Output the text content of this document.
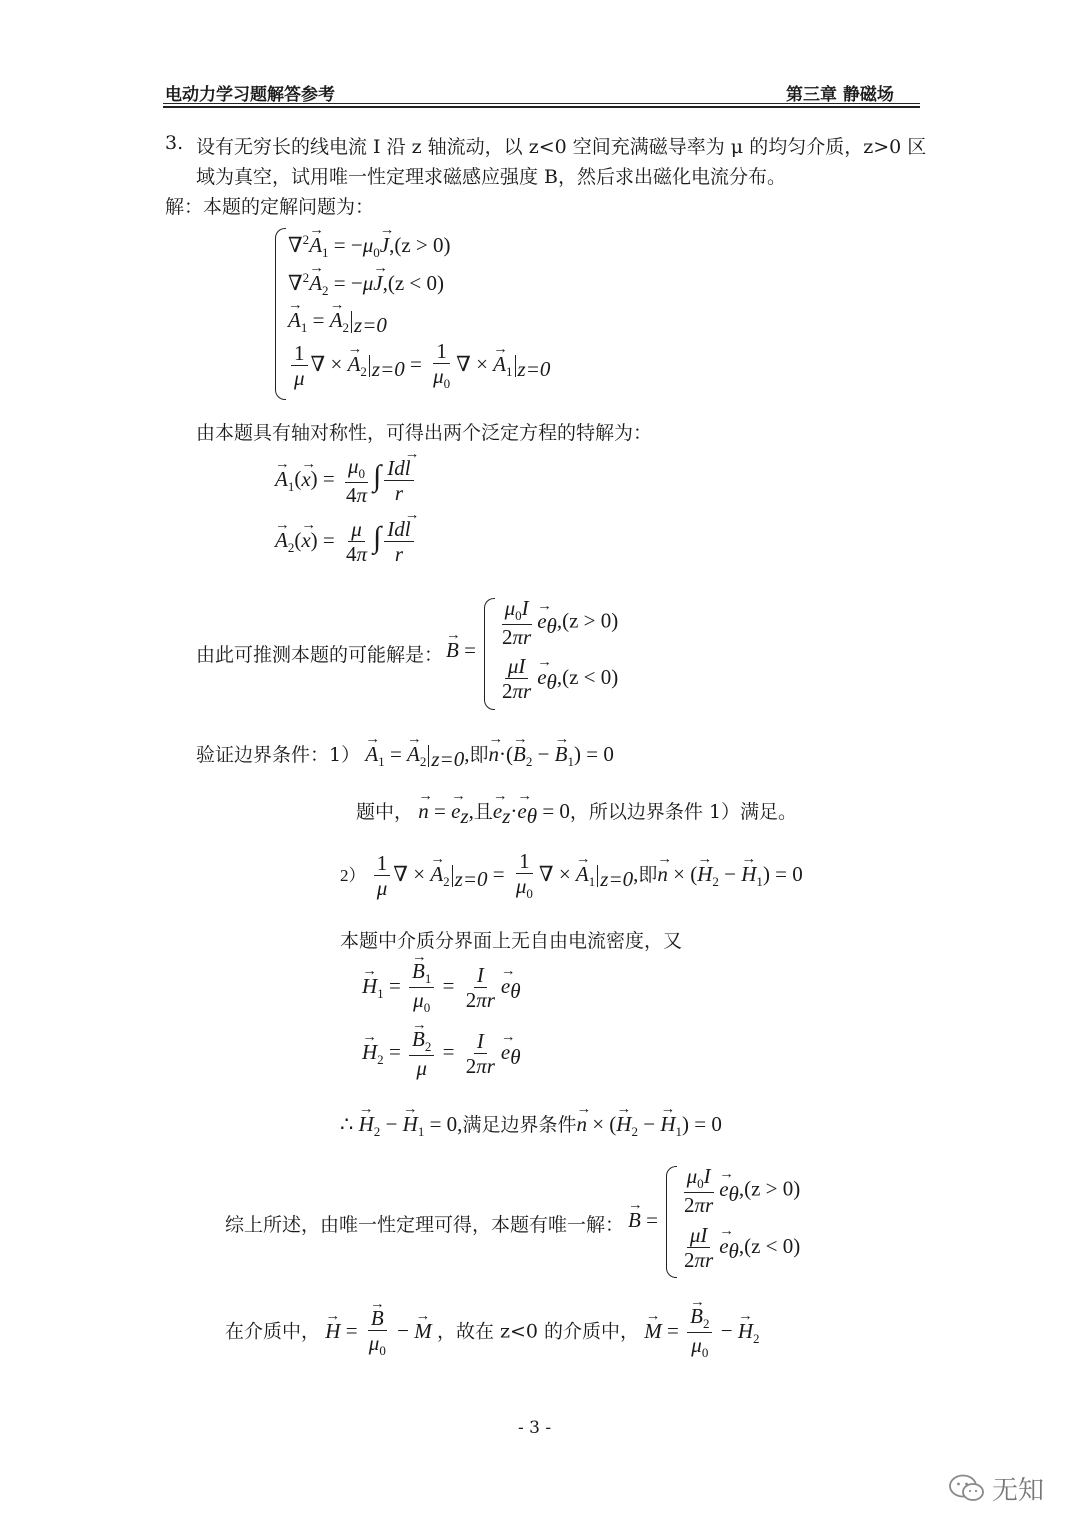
电动力学习题解答参考	第三章 静磁场
3. 设有无穷长的线电流 I 沿 z 轴流动，以 z<0 空间充满磁导率为 μ 的均匀介质，z>0 区
域为真空，试用唯一性定理求磁感应强度 B，然后求出磁化电流分布。
解：本题的定解问题为：
$\nabla^2\to A_1 = -\mu_0\to J,(z > 0)$
$\nabla^2\to A_2 = -\mu\to J,(z < 0)$
→ $A_1$ = → $A_2$ $_{z=0}$
$\frac{1}{\mu}$ ∇ × → $A_2$ $_{z=0} = \frac{1}{\mu_0}$ ∇ × → $A_1$ $_{z=0}$
由本题具有轴对称性，可得出两个泛定方程的特解为：
→ $A_1(\to x) = \frac{\mu_0}{4\pi}$ ∫ $\frac{Id\to l}{r}$
→ $A_2(\to x) = \frac{\mu}{4\pi}$ ∫ $\frac{Id\to l}{r}$
由此可推测本题的可能解是：
→ B =
$\frac{\mu_0I}{2\pi r}$
→ $e_\theta,(z > 0)$
$\frac{\mu I}{2\pi r}$
→ $e_\theta,(z < 0)$
验证边界条件：$1) \to A_1$ = → $A_2$ $_{z=0}$,即→ $n\cdot(\to B_2$ − → $B_1) = 0$
题中， → n = → $e_z$,且→ $e_z\cdot\to e_\theta = 0$，所以边界条件 1）满足。
$2) \frac{1}{\mu}$ ∇ × → $A_2$ $_{z=0} = \frac{1}{\mu_0}$ ∇ × → $A_1$ $_{z=0}$,即→ n × (→ $H_2$ − → $H_1) = 0$
本题中介质分界面上无自由电流密度，又
→ $H_1$ =
→ $\frac{B_1}{\mu_0} = \frac{I}{2\pi r}$
→ $e_\theta$
→ $H_2$ =
→ $\frac{B_2}{\mu} = \frac{I}{2\pi r}$
→ $e_\theta$
∴ → $H_2$ − → $H_1 = 0$,满足边界条件→ n × (→ $H_2$ − → $H_1) = 0$
综上所述，由唯一性定理可得，本题有唯一解：
→ B =
$\frac{\mu_0I}{2\pi r}$
→ $e_\theta,(z > 0)$
$\frac{\mu I}{2\pi r}$
→ $e_\theta,(z < 0)$
在介质中， → H =
→ $\frac{B}{\mu_0}$ − → M ，故在 z<0 的介质中， → M =
→ $\frac{B_2}{\mu_0}$ − → $H_2$
- 3 -
无知
